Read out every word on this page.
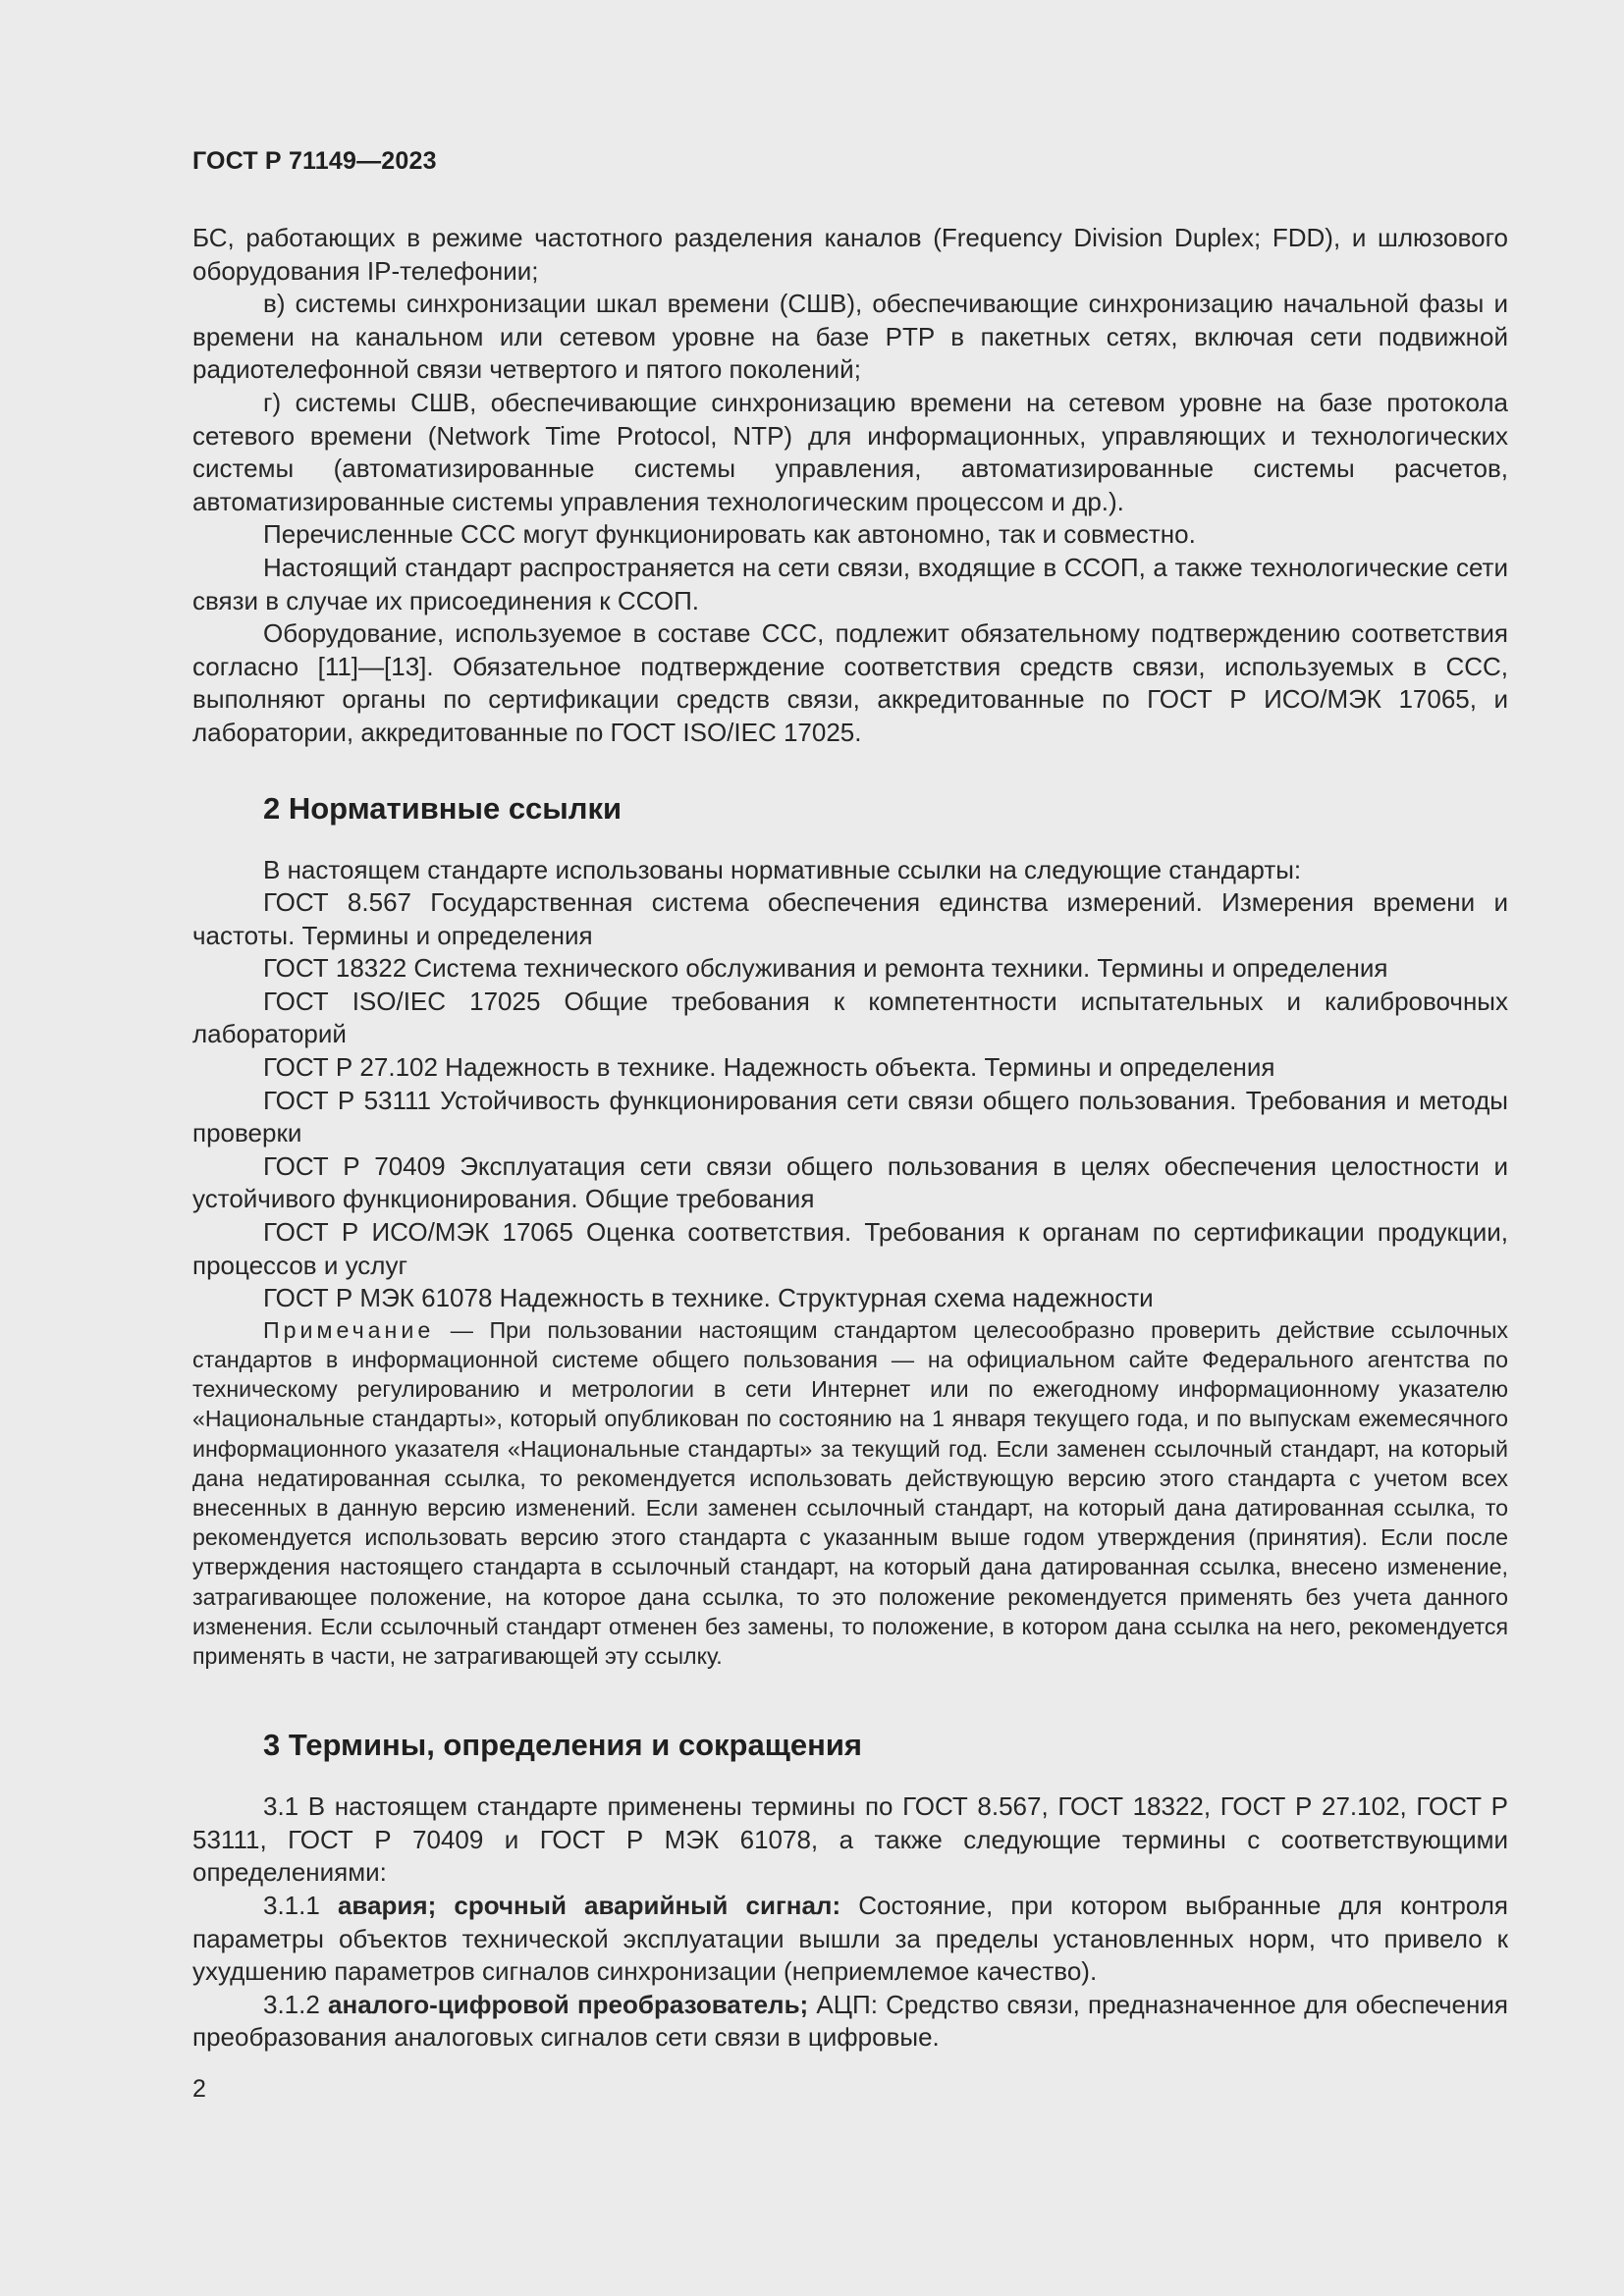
ГОСТ Р 71149—2023

БС, работающих в режиме частотного разделения каналов (Frequency Division Duplex; FDD), и шлюзового оборудования IP-телефонии;

в) системы синхронизации шкал времени (СШВ), обеспечивающие синхронизацию начальной фазы и времени на канальном или сетевом уровне на базе PTP в пакетных сетях, включая сети подвижной радиотелефонной связи четвертого и пятого поколений;

г) системы СШВ, обеспечивающие синхронизацию времени на сетевом уровне на базе протокола сетевого времени (Network Time Protocol, NTP) для информационных, управляющих и технологических системы (автоматизированные системы управления, автоматизированные системы расчетов, автоматизированные системы управления технологическим процессом и др.).

Перечисленные ССС могут функционировать как автономно, так и совместно.

Настоящий стандарт распространяется на сети связи, входящие в ССОП, а также технологические сети связи в случае их присоединения к ССОП.

Оборудование, используемое в составе ССС, подлежит обязательному подтверждению соответствия согласно [11]—[13]. Обязательное подтверждение соответствия средств связи, используемых в ССС, выполняют органы по сертификации средств связи, аккредитованные по ГОСТ Р ИСО/МЭК 17065, и лаборатории, аккредитованные по ГОСТ ISO/IEC 17025.

2 Нормативные ссылки

В настоящем стандарте использованы нормативные ссылки на следующие стандарты:

ГОСТ 8.567 Государственная система обеспечения единства измерений. Измерения времени и частоты. Термины и определения

ГОСТ 18322 Система технического обслуживания и ремонта техники. Термины и определения

ГОСТ ISO/IEC 17025 Общие требования к компетентности испытательных и калибровочных лабораторий

ГОСТ Р 27.102 Надежность в технике. Надежность объекта. Термины и определения

ГОСТ Р 53111 Устойчивость функционирования сети связи общего пользования. Требования и методы проверки

ГОСТ Р 70409 Эксплуатация сети связи общего пользования в целях обеспечения целостности и устойчивого функционирования. Общие требования

ГОСТ Р ИСО/МЭК 17065 Оценка соответствия. Требования к органам по сертификации продукции, процессов и услуг

ГОСТ Р МЭК 61078 Надежность в технике. Структурная схема надежности

Примечание — При пользовании настоящим стандартом целесообразно проверить действие ссылочных стандартов в информационной системе общего пользования — на официальном сайте Федерального агентства по техническому регулированию и метрологии в сети Интернет или по ежегодному информационному указателю «Национальные стандарты», который опубликован по состоянию на 1 января текущего года, и по выпускам ежемесячного информационного указателя «Национальные стандарты» за текущий год. Если заменен ссылочный стандарт, на который дана недатированная ссылка, то рекомендуется использовать действующую версию этого стандарта с учетом всех внесенных в данную версию изменений. Если заменен ссылочный стандарт, на который дана датированная ссылка, то рекомендуется использовать версию этого стандарта с указанным выше годом утверждения (принятия). Если после утверждения настоящего стандарта в ссылочный стандарт, на который дана датированная ссылка, внесено изменение, затрагивающее положение, на которое дана ссылка, то это положение рекомендуется применять без учета данного изменения. Если ссылочный стандарт отменен без замены, то положение, в котором дана ссылка на него, рекомендуется применять в части, не затрагивающей эту ссылку.

3 Термины, определения и сокращения

3.1 В настоящем стандарте применены термины по ГОСТ 8.567, ГОСТ 18322, ГОСТ Р 27.102, ГОСТ Р 53111, ГОСТ Р 70409 и ГОСТ Р МЭК 61078, а также следующие термины с соответствующими определениями:

3.1.1 авария; срочный аварийный сигнал: Состояние, при котором выбранные для контроля параметры объектов технической эксплуатации вышли за пределы установленных норм, что привело к ухудшению параметров сигналов синхронизации (неприемлемое качество).

3.1.2 аналого-цифровой преобразователь; АЦП: Средство связи, предназначенное для обеспечения преобразования аналоговых сигналов сети связи в цифровые.

2
